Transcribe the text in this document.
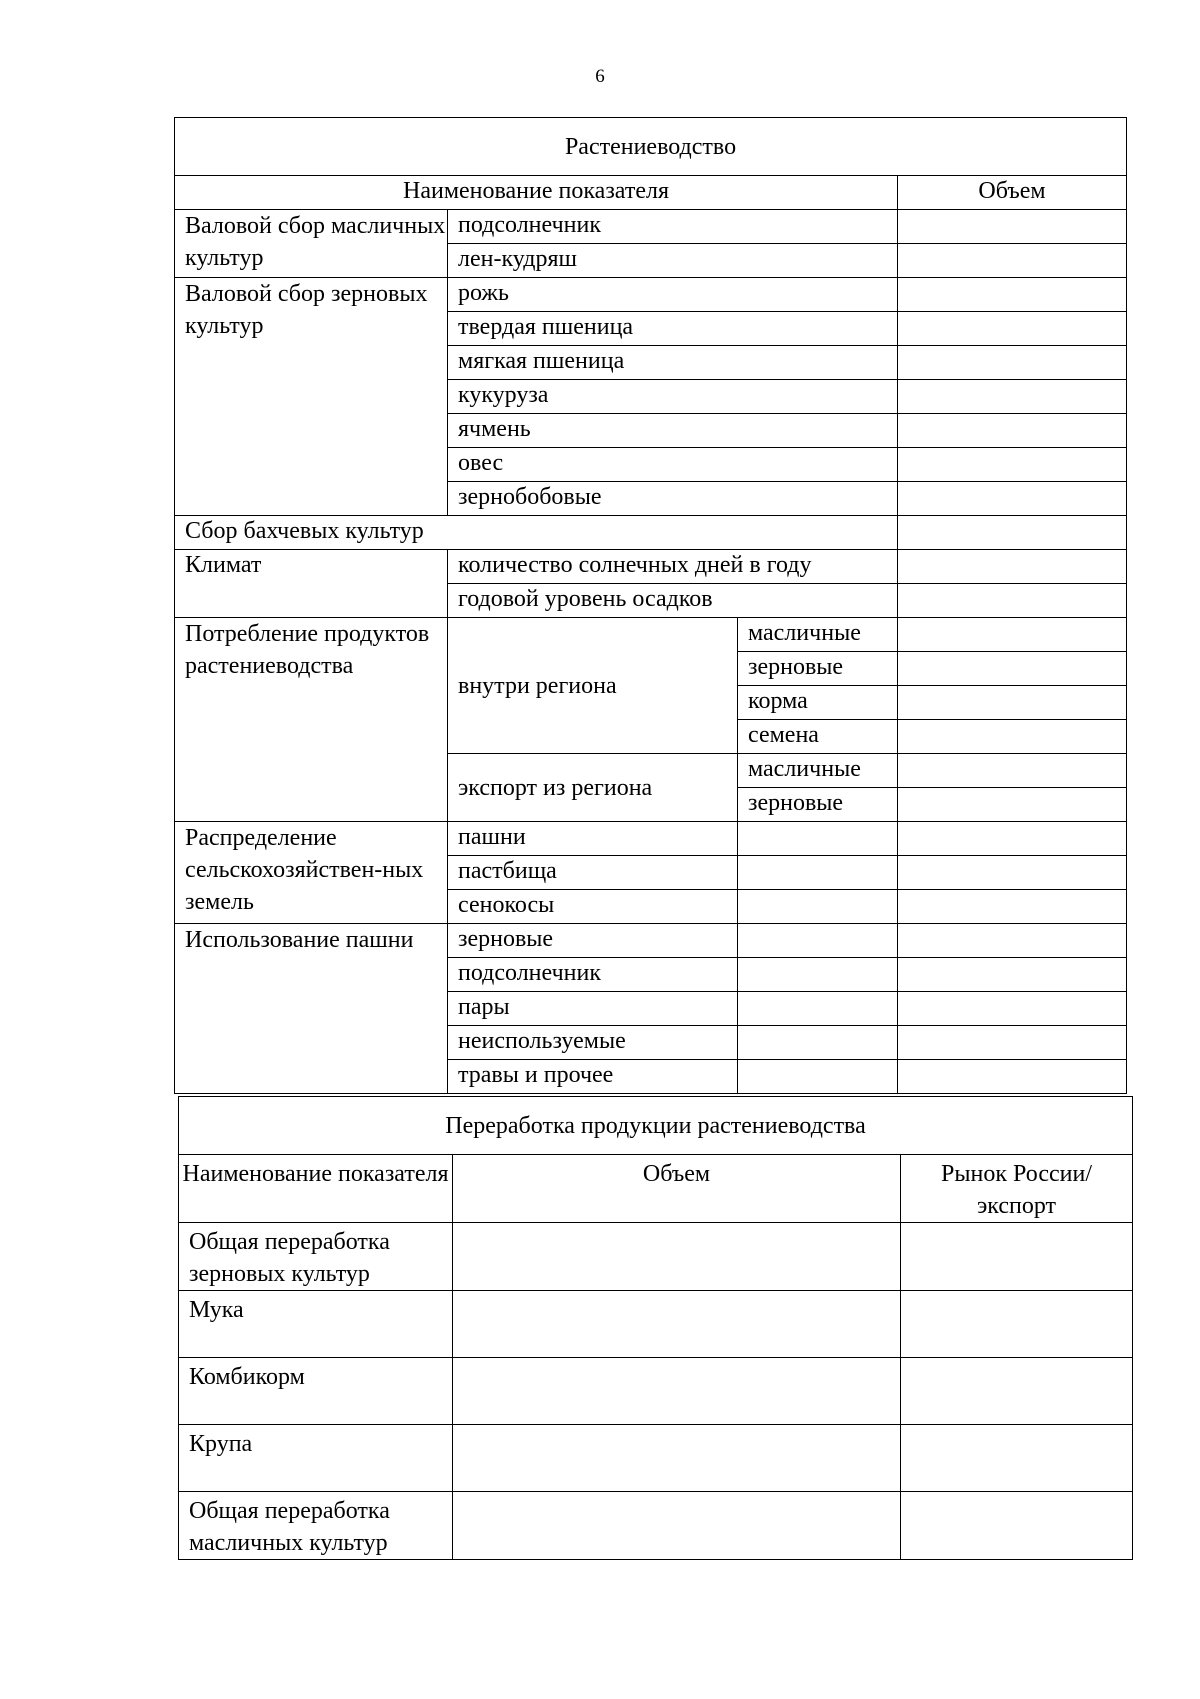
6
Растениеводство			
Наименование показателя			Объем
Валовой сбор масличных культур	подсолнечник		
	лен-кудряш		
Валовой сбор зерновых культур	рожь		
	твердая пшеница		
	мягкая пшеница		
	кукуруза		
	ячмень		
	овес		
	зернобобовые		
Сбор бахчевых культур			
Климат	количество солнечных дней в году		
	годовой уровень осадков		
Потребление продуктов растениеводства	внутри региона	масличные	
		зерновые	
		корма	
		семена	
	экспорт из региона	масличные	
		зерновые	
Распределение сельскохозяйствен-ных земель	пашни		
	пастбища		
	сенокосы		
Использование пашни	зерновые		
	подсолнечник		
	пары		
	неиспользуемые		
	травы и прочее		
Переработка продукции растениеводства		
Наименование показателя	Объем	Рынок России/ экспорт
Общая переработка зерновых культур		
Мука		
Комбикорм		
Крупа		
Общая переработка масличных культур		
